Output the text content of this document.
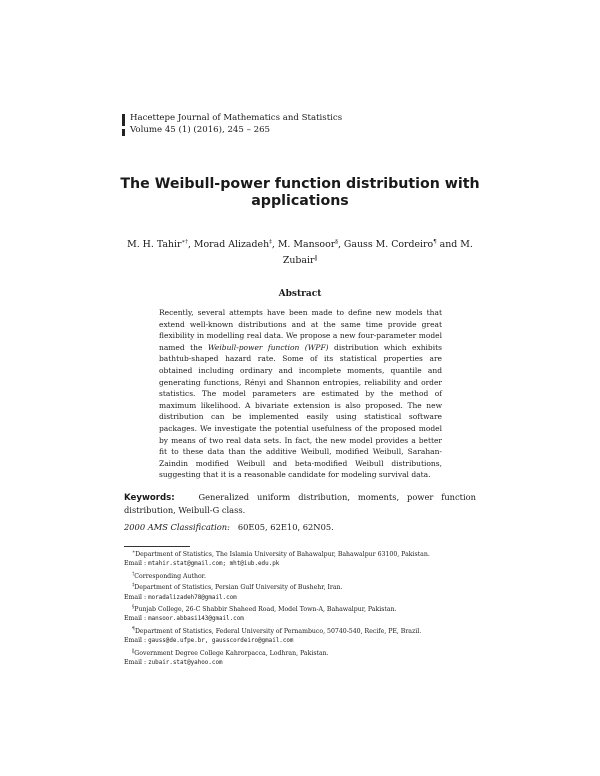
Hacettepe Journal of Mathematics and Statistics
Volume 45 (1) (2016), 245 – 265
The Weibull-power function distribution with applications
M. H. Tahir∗†, Morad Alizadeh‡, M. Mansoor§, Gauss M. Cordeiro¶ and M. Zubair‖
Abstract
Recently, several attempts have been made to define new models that extend well-known distributions and at the same time provide great flexibility in modelling real data. We propose a new four-parameter model named the Weibull-power function (WPF) distribution which exhibits bathtub-shaped hazard rate. Some of its statistical properties are obtained including ordinary and incomplete moments, quantile and generating functions, Rényi and Shannon entropies, reliability and order statistics. The model parameters are estimated by the method of maximum likelihood. A bivariate extension is also proposed. The new distribution can be implemented easily using statistical software packages. We investigate the potential usefulness of the proposed model by means of two real data sets. In fact, the new model provides a better fit to these data than the additive Weibull, modified Weibull, Sarahan-Zaindin modified Weibull and beta-modified Weibull distributions, suggesting that it is a reasonable candidate for modeling survival data.
Keywords:	Generalized uniform distribution, moments, power function distribution, Weibull-G class.
2000 AMS Classification: 60E05, 62E10, 62N05.

∗Department of Statistics, The Islamia University of Bahawalpur, Bahawalpur 63100, Pakistan.

Email : mtahir.stat@gmail.com; mht@iub.edu.pk

†Corresponding Author.

‡Department of Statistics, Persian Gulf University of Bushehr, Iran.

Email : moradalizadeh78@gmail.com

§Punjab College, 26-C Shabbir Shaheed Road, Model Town-A, Bahawalpur, Pakistan.

Email : mansoor.abbasi143@gmail.com

¶Department of Statistics, Federal University of Pernambuco, 50740-540, Recife, PE, Brazil.

Email : gauss@de.ufpe.br, gausscordeiro@gmail.com

‖Government Degree College Kahrorpacca, Lodhran, Pakistan.

Email : zubair.stat@yahoo.com
